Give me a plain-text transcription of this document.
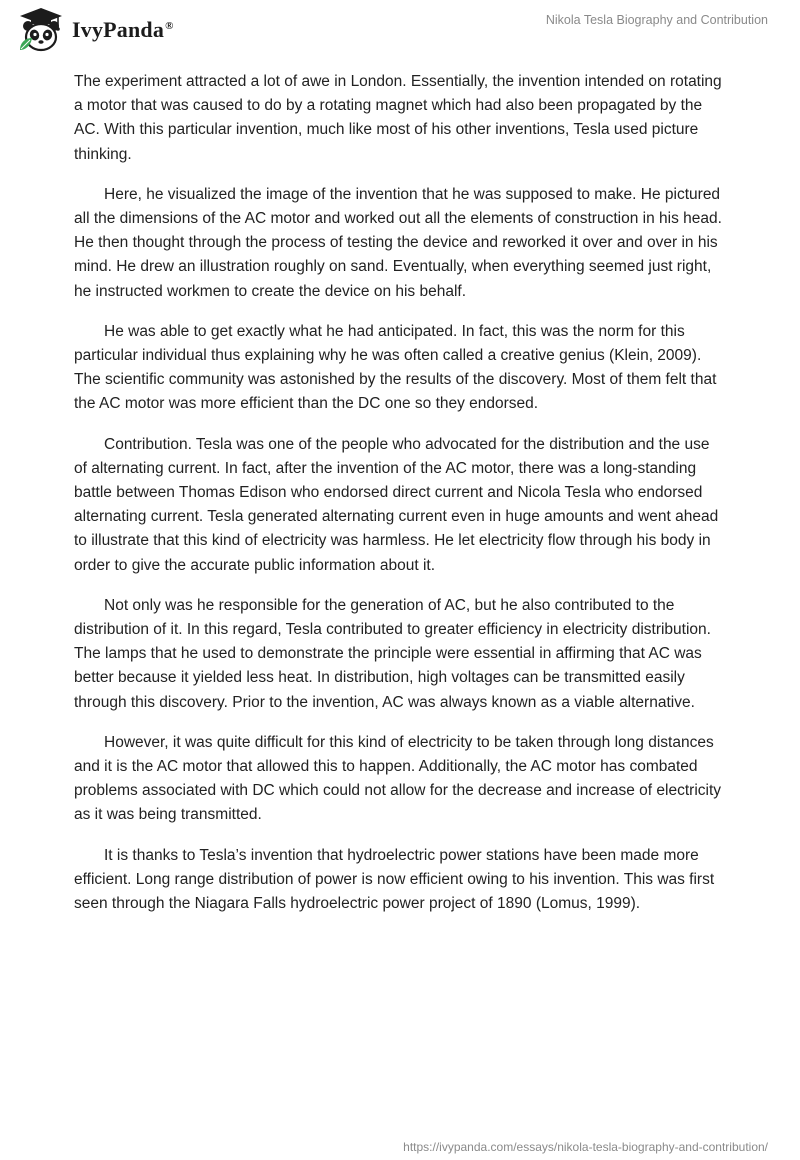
IvyPanda®	Nikola Tesla Biography and Contribution

The experiment attracted a lot of awe in London. Essentially, the invention intended on rotating a motor that was caused to do by a rotating magnet which had also been propagated by the AC. With this particular invention, much like most of his other inventions, Tesla used picture thinking.

Here, he visualized the image of the invention that he was supposed to make. He pictured all the dimensions of the AC motor and worked out all the elements of construction in his head. He then thought through the process of testing the device and reworked it over and over in his mind. He drew an illustration roughly on sand. Eventually, when everything seemed just right, he instructed workmen to create the device on his behalf.

He was able to get exactly what he had anticipated. In fact, this was the norm for this particular individual thus explaining why he was often called a creative genius (Klein, 2009). The scientific community was astonished by the results of the discovery. Most of them felt that the AC motor was more efficient than the DC one so they endorsed.

Contribution. Tesla was one of the people who advocated for the distribution and the use of alternating current. In fact, after the invention of the AC motor, there was a long-standing battle between Thomas Edison who endorsed direct current and Nicola Tesla who endorsed alternating current. Tesla generated alternating current even in huge amounts and went ahead to illustrate that this kind of electricity was harmless. He let electricity flow through his body in order to give the accurate public information about it.

Not only was he responsible for the generation of AC, but he also contributed to the distribution of it. In this regard, Tesla contributed to greater efficiency in electricity distribution. The lamps that he used to demonstrate the principle were essential in affirming that AC was better because it yielded less heat. In distribution, high voltages can be transmitted easily through this discovery. Prior to the invention, AC was always known as a viable alternative.

However, it was quite difficult for this kind of electricity to be taken through long distances and it is the AC motor that allowed this to happen. Additionally, the AC motor has combated problems associated with DC which could not allow for the decrease and increase of electricity as it was being transmitted.

It is thanks to Tesla’s invention that hydroelectric power stations have been made more efficient. Long range distribution of power is now efficient owing to his invention. This was first seen through the Niagara Falls hydroelectric power project of 1890 (Lomus, 1999).

https://ivypanda.com/essays/nikola-tesla-biography-and-contribution/
